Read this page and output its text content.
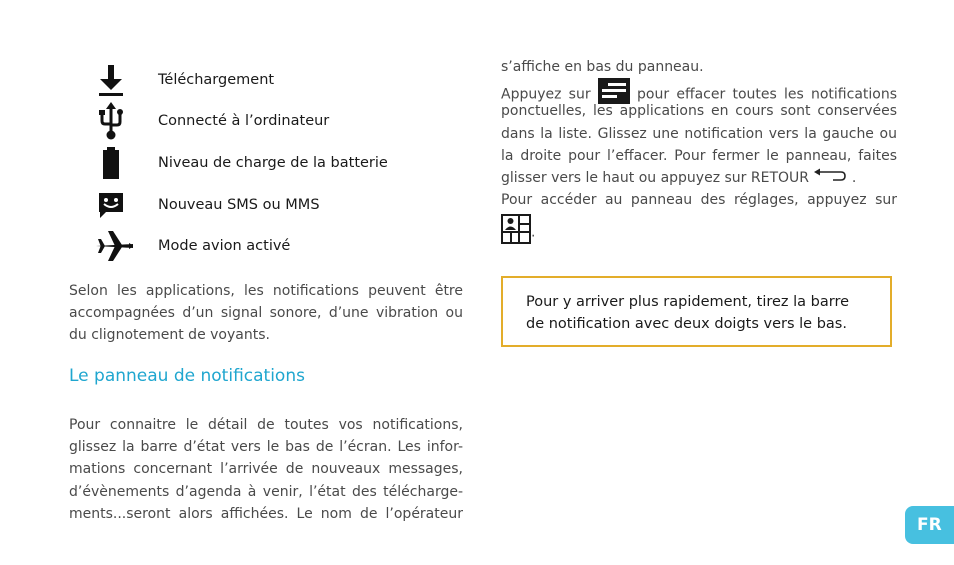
Téléchargement
Connecté à l’ordinateur
Niveau de charge de la batterie
Nouveau SMS ou MMS
Mode avion activé
Selon les applications, les notifications peuvent être
accompagnées d’un signal sonore, d’une vibration ou
du clignotement de voyants.
Le panneau de notifications
Pour connaitre le détail de toutes vos notifications,
glissez la barre d’état vers le bas de l’écran. Les infor-
mations concernant l’arrivée de nouveaux messages,
d’évènements d’agenda à venir, l’état des télécharge-
ments...seront alors affichées. Le nom de l’opérateur
s’affiche en bas du panneau.
Appuyez sur	pour effacer toutes les notifications
ponctuelles, les applications en cours sont conservées
dans la liste. Glissez une notification vers la gauche ou
la droite pour l’effacer. Pour fermer le panneau, faites
glisser vers le haut ou appuyez sur RETOUR	.
Pour accéder au panneau des réglages, appuyez sur
.
Pour y arriver plus rapidement, tirez la barre
de notification avec deux doigts vers le bas.
FR
